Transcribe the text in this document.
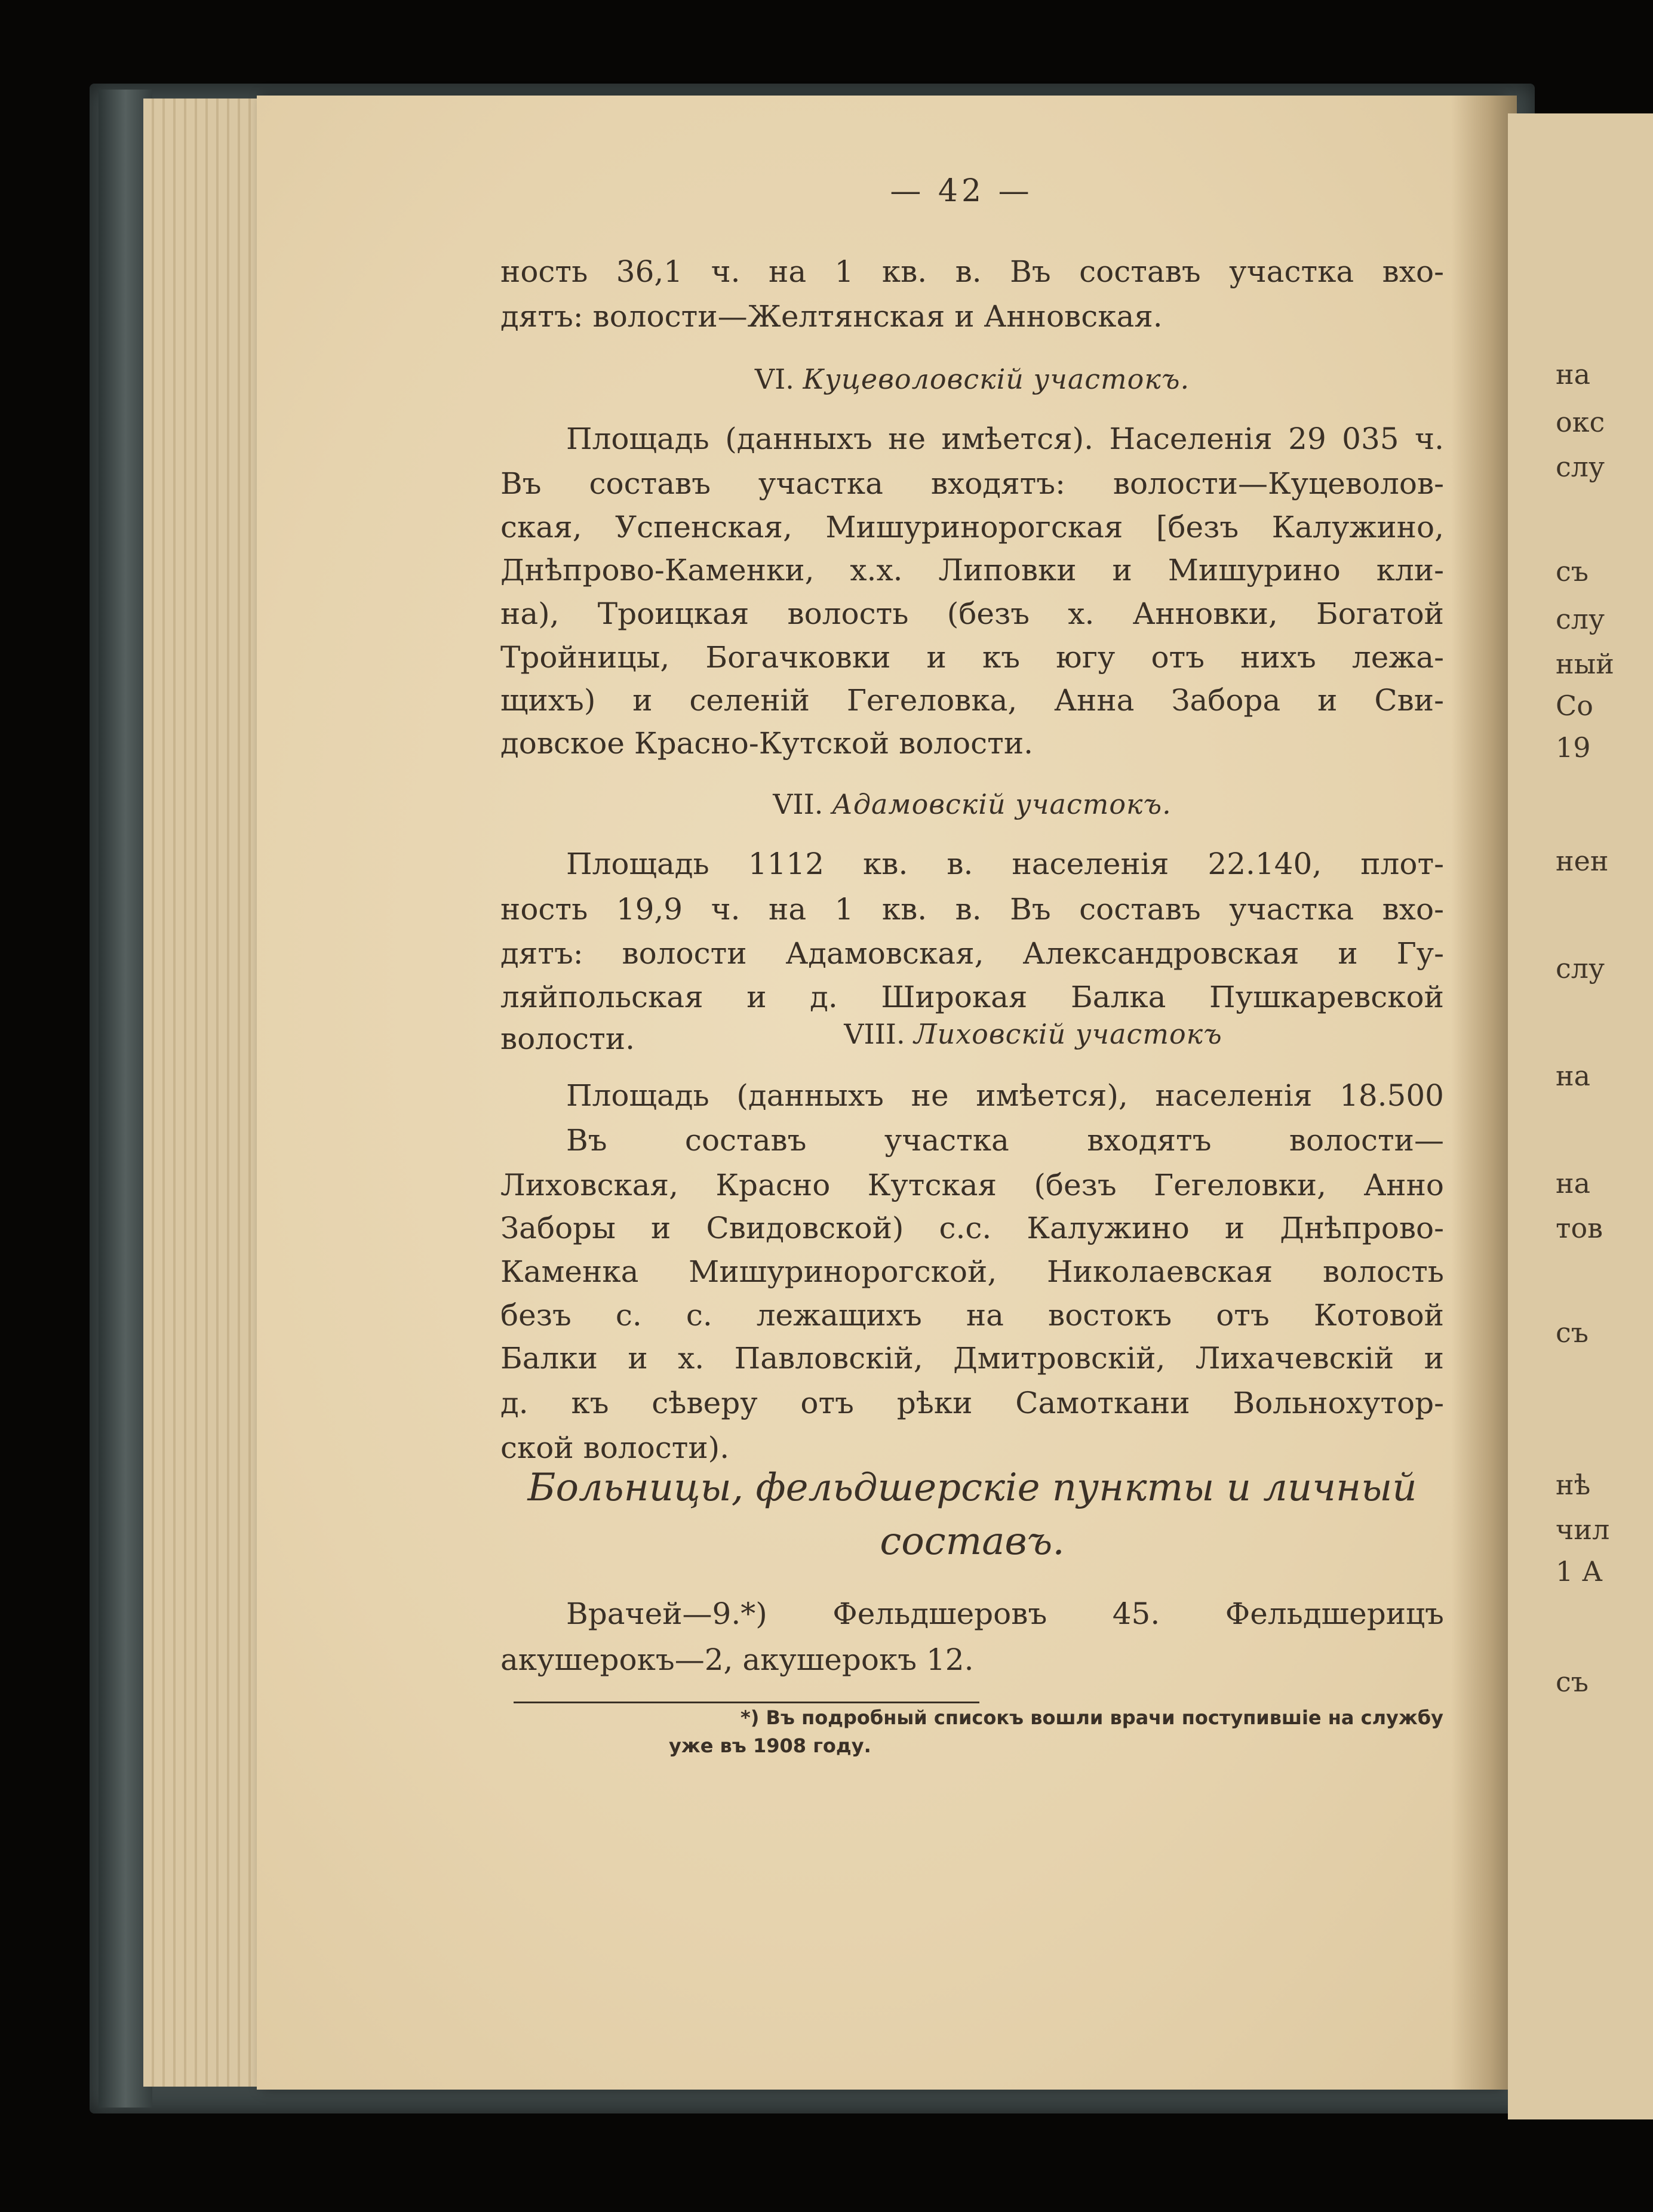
на
окс
слу
съ
слу
ный
Со
19
нен
слу
на
на
тов
съ
нѣ
чил
1 А
съ
— 42 —
ность 36,1 ч. на 1 кв. в. Въ составъ участка вхо-
дятъ: волости—Желтянская и Анновская.
VI. Куцеволовскій участокъ.
Площадь (данныхъ не имѣется). Населенія 29 035 ч.
Въ составъ участка входятъ: волости—Куцеволов-
ская, Успенская, Мишуринорогская [безъ Калужино,
Днѣпрово-Каменки, х.х. Липовки и Мишурино кли-
на), Троицкая волость (безъ х. Анновки, Богатой
Тройницы, Богачковки и къ югу отъ нихъ лежа-
щихъ) и селеній Гегеловка, Анна Забора и Сви-
довское Красно-Кутской волости.
VII. Адамовскій участокъ.
Площадь 1112 кв. в. населенія 22.140, плот-
ность 19,9 ч. на 1 кв. в. Въ составъ участка вхо-
дятъ: волости Адамовская, Александровская и Гу-
ляйпольская и д. Широкая Балка Пушкаревской
волости.	VIII. Лиховскій участокъ
Площадь (данныхъ не имѣется), населенія 18.500
Въ составъ участка входятъ волости—
Лиховская, Красно Кутская (безъ Гегеловки, Анно
Заборы и Свидовской) с.с. Калужино и Днѣпрово-
Каменка Мишуринорогской, Николаевская волость
безъ с. с. лежащихъ на востокъ отъ Котовой
Балки и х. Павловскій, Дмитровскій, Лихачевскій и
д. къ сѣверу отъ рѣки Самоткани Вольнохутор-
ской волости).
Больницы, фельдшерскіе пункты и личный
составъ.
Врачей—9.*) Фельдшеровъ 45. Фельдшерицъ
акушерокъ—2, акушерокъ 12.
*) Въ подробный списокъ вошли врачи поступившіе на службу
уже въ 1908 году.
